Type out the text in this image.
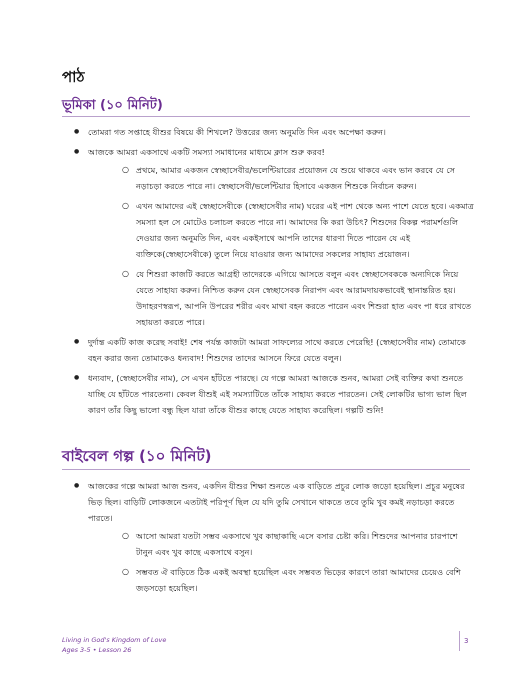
পাঠ
ভূমিকা (১০ মিনিট)
● তোমরা গত সপ্তাহে যীশুর বিষয়ে কী শিখলে? উত্তরের জন্য অনুমতি দিন এবং অপেক্ষা করুন।
● আজকে আমরা একসাথে একটি সমস্যা সমাধানের মাধ্যমে ক্লাস শুরু করব!
○ প্রথমে, আমার একজন স্বেচ্ছাসেবীর/ভলেন্টিয়ারের প্রয়োজন যে শুয়ে থাকবে এবং ভান করবে যে সে নড়াচড়া করতে পারে না। স্বেচ্ছাসেবী/ভলেন্টিয়ার হিসাবে একজন শিশুকে নির্বাচন করুন।
○ এখন আমাদের এই স্বেচ্ছাসেবীকে (স্বেচ্ছাসেবীর নাম) ঘরের এই পাশ থেকে অন্য পাশে যেতে হবে। একমাত্র সমস্যা হল সে মোটেও চলাচল করতে পারে না। আমাদের কি করা উচিৎ? শিশুদের বিকল্প পরামর্শগুলি দেওয়ার জন্য অনুমতি দিন, এবং একইসাথে আপনি তাদের ধারণা দিতে পারেন যে এই ব্যক্তিকে(স্বেচ্ছাসেবীকে) তুলে নিয়ে যাওয়ার জন্য আমাদের সকলের সাহায্য প্রয়োজন।
○ যে শিশুরা কাজটি করতে আগ্রহী তাদেরকে এগিয়ে আসতে বলুন এবং স্বেচ্ছাসেবককে অন্যদিকে নিয়ে যেতে সাহায্য করুন। নিশ্চিত করুন যেন স্বেচ্ছাসেবক নিরাপদ এবং আরামদায়কভাবেই স্থানান্তরিত হয়। উদাহরণস্বরূপ, আপনি উপরের শরীর এবং মাথা বহন করতে পারেন এবং শিশুরা হাত এবং পা ধরে রাখতে সহায়তা করতে পারে।
● দুর্দান্ত একটি কাজ করেছ সবাই! শেষ পর্যন্ত কাজটা আমরা সাফল্যের সাথে করতে পেরেছি! (স্বেচ্ছাসেবীর নাম) তোমাকে বহন করার জন্য তোমাকেও ধন্যবাদ! শিশুদের তাদের আসনে ফিরে যেতে বলুন।
● ধন্যবাদ, (স্বেচ্ছাসেবীর নাম), সে এখন হাঁটতে পারছে। যে গল্পে আমরা আজকে শুনব, আমরা সেই ব্যক্তির কথা শুনতে যাচ্ছি যে হাঁটতে পারতেনা। কেবল যীশুই এই সমস্যাটিতে তাঁকে সাহায্য করতে পারতেন। সেই লোকটির ভাগ্য ভাল ছিল কারণ তাঁর কিছু ভালো বন্ধু ছিল যারা তাঁকে যীশুর কাছে যেতে সাহায্য করেছিল। গল্পটি শুনি!
বাইবেল গল্প (১০ মিনিট)
● আজকের গল্পে আমরা আজ শুনব, একদিন যীশুর শিক্ষা শুনতে এক বাড়িতে প্রচুর লোক জড়ো হয়েছিল। প্রচুর মনুষের ভিড় ছিল। বাড়িটি লোকজনে এতটাই পরিপূর্ণ ছিল যে যদি তুমি সেখানে থাকতে তবে তুমি খুব কমই নড়াচড়া করতে পারতে।
○ আসো আমরা যতটা সম্ভব একসাথে খুব কাছাকাছি এসে বসার চেষ্টা করি। শিশুদের আপনার চারপাশে টানুন এবং খুব কাছে একসাথে বসুন।
○ সম্ভবত ঐ বাড়িতে ঠিক একই অবস্থা হয়েছিল এবং সম্ভবত ভিড়ের কারণে তারা আমাদের চেয়েও বেশি জড়সড়ো হয়েছিল।
Living in God's Kingdom of Love
Ages 3-5 • Lesson 26
3
